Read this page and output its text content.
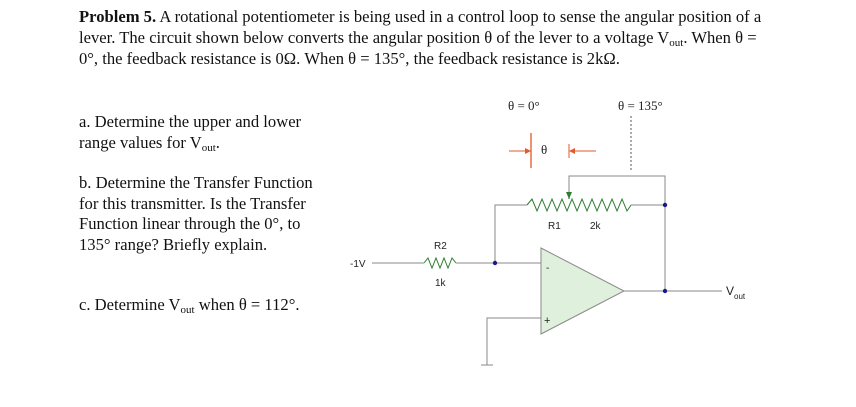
Problem 5. A rotational potentiometer is being used in a control loop to sense the angular position of a lever. The circuit shown below converts the angular position θ of the lever to a voltage $V_{out}$. When θ = 0°, the feedback resistance is 0Ω. When θ = 135°, the feedback resistance is 2kΩ.
a. Determine the upper and lower range values for $V_{out}$.
b. Determine the Transfer Function for this transmitter. Is the Transfer Function linear through the 0°, to 135° range? Briefly explain.
c. Determine $V_{out}$ when θ = 112°.
θ = 0°	θ = 135°
θ
R1	2k
-1V
R2
1k
-
+
$V_{out}$
